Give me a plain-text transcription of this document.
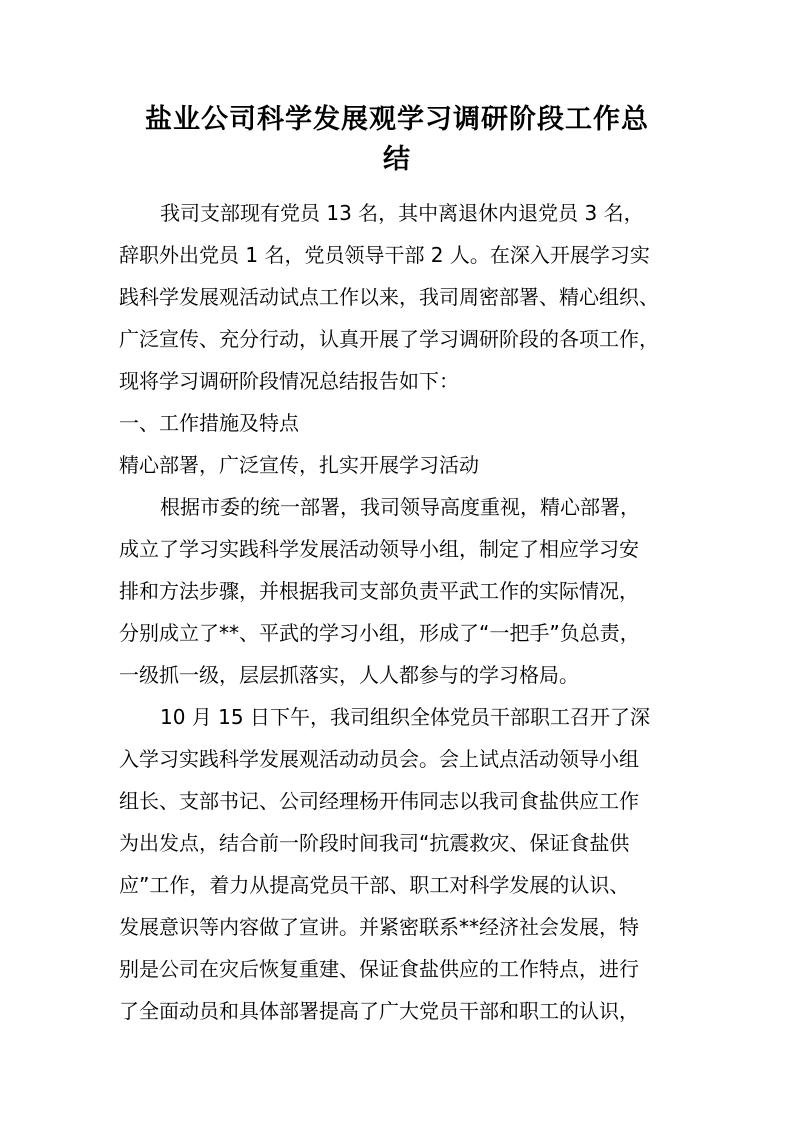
盐业公司科学发展观学习调研阶段工作总
结
我司支部现有党员 13 名，其中离退休内退党员 3 名，
辞职外出党员 1 名，党员领导干部 2 人。在深入开展学习实
践科学发展观活动试点工作以来，我司周密部署、精心组织、
广泛宣传、充分行动，认真开展了学习调研阶段的各项工作，
现将学习调研阶段情况总结报告如下：
一、工作措施及特点
精心部署，广泛宣传，扎实开展学习活动
根据市委的统一部署，我司领导高度重视，精心部署，
成立了学习实践科学发展活动领导小组，制定了相应学习安
排和方法步骤，并根据我司支部负责平武工作的实际情况，
分别成立了**、平武的学习小组，形成了“一把手”负总责，
一级抓一级，层层抓落实，人人都参与的学习格局。
10 月 15 日下午，我司组织全体党员干部职工召开了深
入学习实践科学发展观活动动员会。会上试点活动领导小组
组长、支部书记、公司经理杨开伟同志以我司食盐供应工作
为出发点，结合前一阶段时间我司“抗震救灾、保证食盐供
应”工作，着力从提高党员干部、职工对科学发展的认识、
发展意识等内容做了宣讲。并紧密联系**经济社会发展，特
别是公司在灾后恢复重建、保证食盐供应的工作特点，进行
了全面动员和具体部署提高了广大党员干部和职工的认识，
